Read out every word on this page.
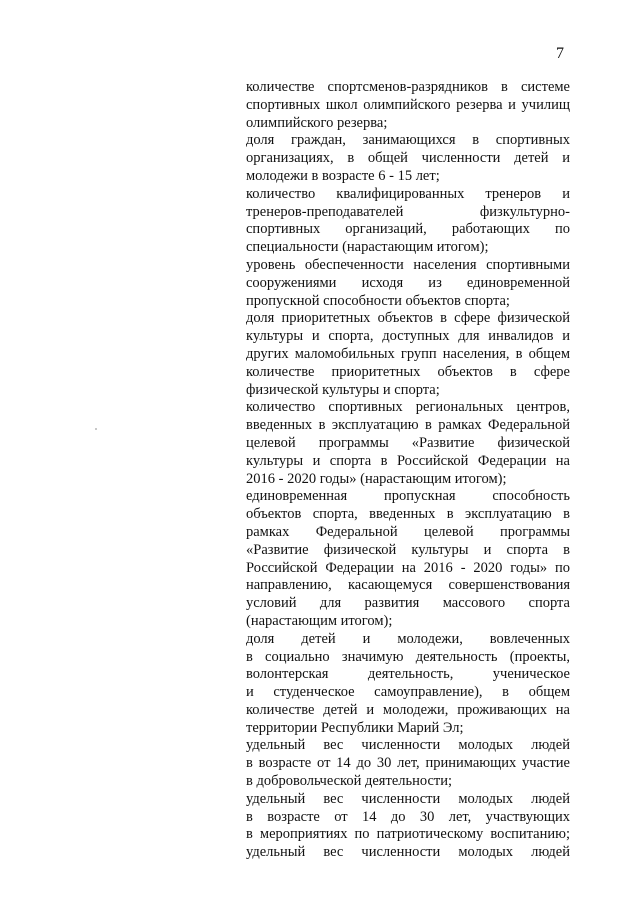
7
количестве спортсменов-разрядников в системе
спортивных школ олимпийского резерва и училищ
олимпийского резерва;
доля граждан, занимающихся в спортивных
организациях, в общей численности детей и
молодежи в возрасте 6 - 15 лет;
количество квалифицированных тренеров и
тренеров-преподавателей физкультурно-
спортивных организаций, работающих по
специальности (нарастающим итогом);
уровень обеспеченности населения спортивными
сооружениями исходя из единовременной
пропускной способности объектов спорта;
доля приоритетных объектов в сфере физической
культуры и спорта, доступных для инвалидов и
других маломобильных групп населения, в общем
количестве приоритетных объектов в сфере
физической культуры и спорта;
количество спортивных региональных центров,
введенных в эксплуатацию в рамках Федеральной
целевой программы «Развитие физической
культуры и спорта в Российской Федерации на
2016 - 2020 годы» (нарастающим итогом);
единовременная пропускная способность
объектов спорта, введенных в эксплуатацию в
рамках Федеральной целевой программы
«Развитие физической культуры и спорта в
Российской Федерации на 2016 - 2020 годы» по
направлению, касающемуся совершенствования
условий для развития массового спорта
(нарастающим итогом);
доля детей и молодежи, вовлеченных
в социально значимую деятельность (проекты,
волонтерская деятельность, ученическое
и студенческое самоуправление), в общем
количестве детей и молодежи, проживающих на
территории Республики Марий Эл;
удельный вес численности молодых людей
в возрасте от 14 до 30 лет, принимающих участие
в добровольческой деятельности;
удельный вес численности молодых людей
в возрасте от 14 до 30 лет, участвующих
в мероприятиях по патриотическому воспитанию;
удельный вес численности молодых людей
